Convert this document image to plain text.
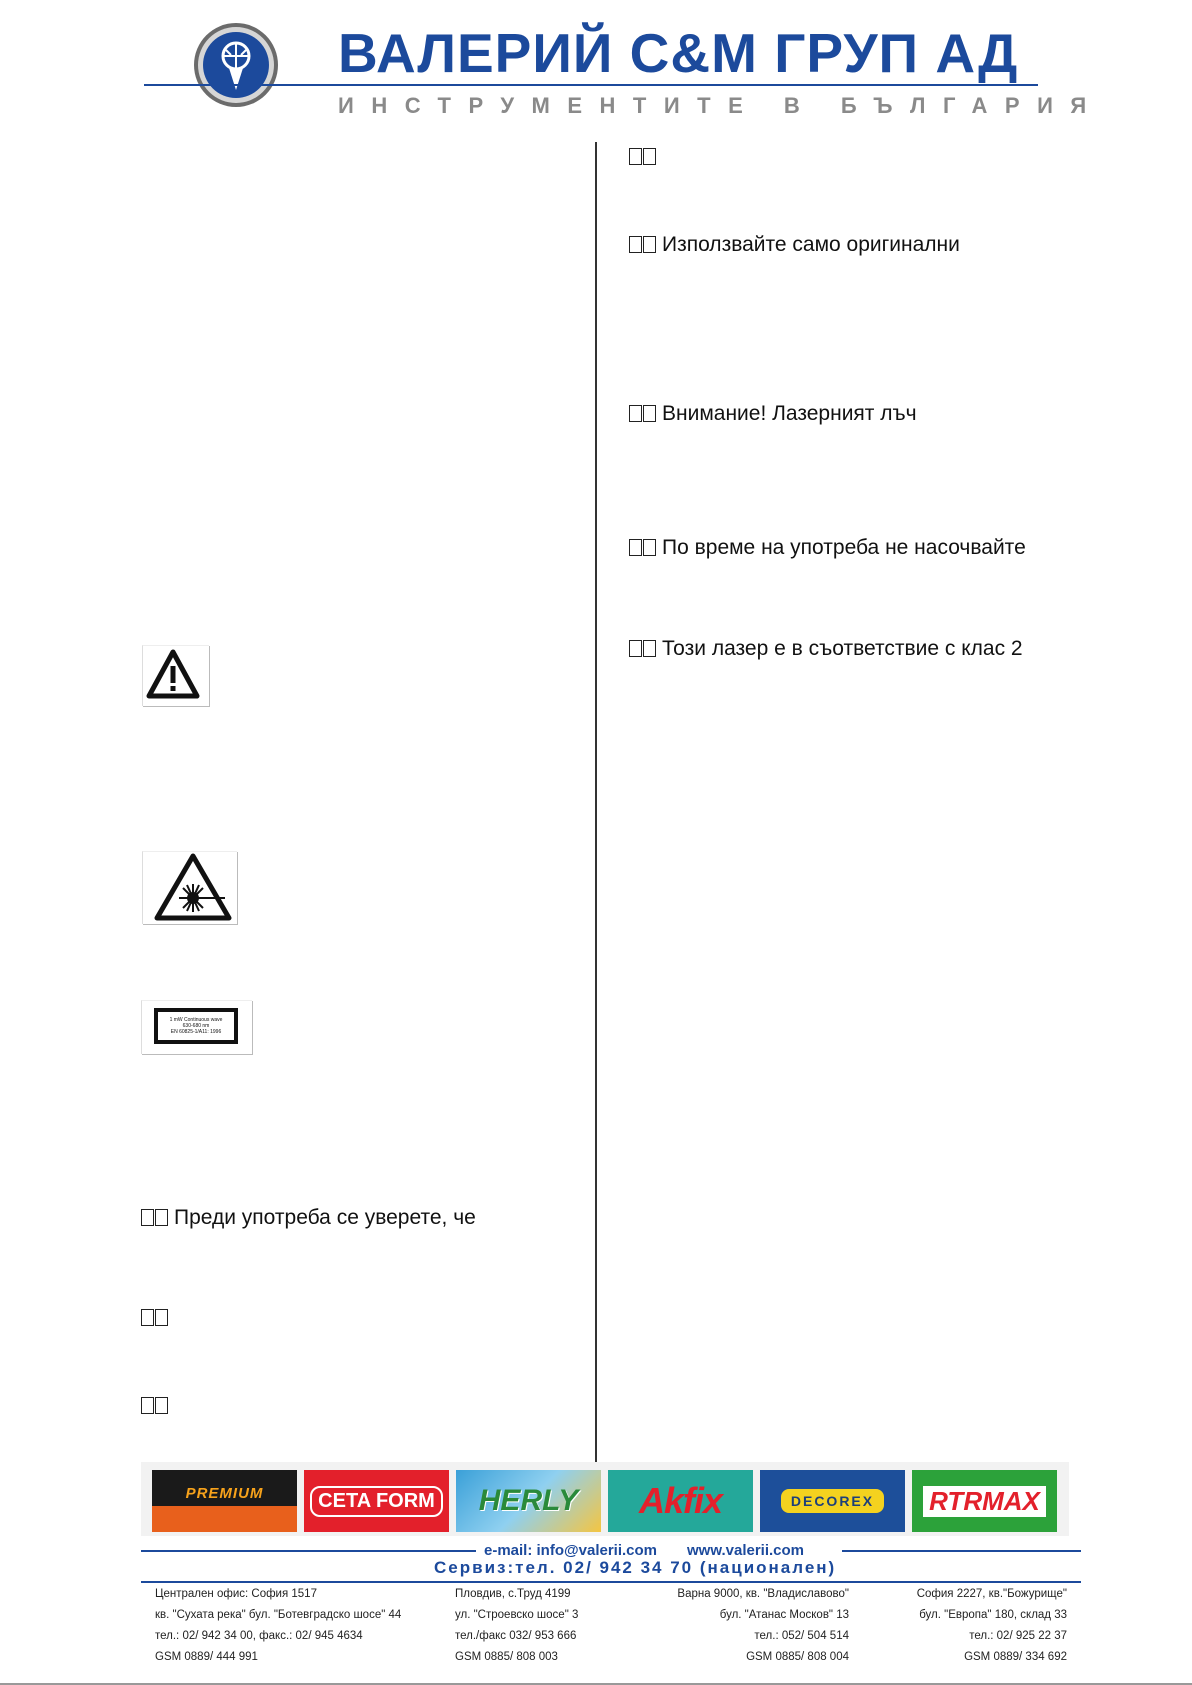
ВАЛЕРИЙ С&М ГРУП АД
ИНСТРУМЕНТИТЕ В БЪЛГАРИЯ
Използвайте само оригинални
Внимание! Лазерният лъч
По време на употреба не насочвайте
Този лазер е в съответствие с клас 2
1 mW Continuous wave
630-680 nm
EN 60825-1/A11: 1996
Преди употреба се уверете, че
PREMIUM	CETA FORM HERLY Akfix	DECOREX	RTRMAX
e-mail: info@valerii.com www.valerii.com
Сервиз:тел. 02/ 942 34 70 (национален)
Централен офис: София 1517
кв. "Сухата река" бул. "Ботевградско шосе" 44
тел.: 02/ 942 34 00, факс.: 02/ 945 4634
GSM 0889/ 444 991
Пловдив, с.Труд 4199
ул. "Строевско шосе" 3
тел./факс 032/ 953 666
GSM 0885/ 808 003
Варна 9000, кв. "Владиславово"
бул. "Атанас Москов" 13
тел.: 052/ 504 514
GSM 0885/ 808 004
София 2227, кв."Божурище"
бул. "Европа" 180, склад 33
тел.: 02/ 925 22 37
GSM 0889/ 334 692
